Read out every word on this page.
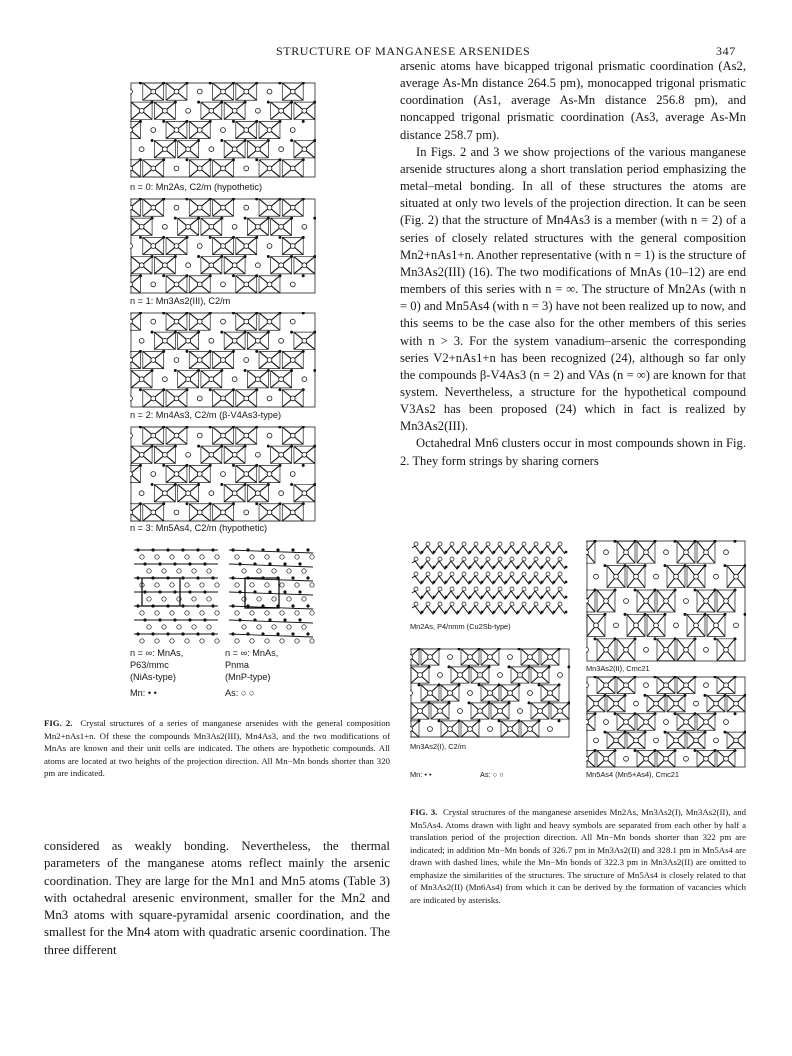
STRUCTURE OF MANGANESE ARSENIDES	347
n = 0: Mn2As, C2/m (hypothetic)
n = 1: Mn3As2(III), C2/m
n = 2: Mn4As3, C2/m (β-V4As3-type)
n = 3: Mn5As4, C2/m (hypothetic)
n = ∞: MnAs,
P63/mmc
(NiAs-type)
n = ∞: MnAs,
Pnma
(MnP-type)
Mn: • •	As: ○ ○
FIG. 2. Crystal structures of a series of manganese arsenides with the general composition Mn2+nAs1+n. Of these the compounds Mn3As2(III), Mn4As3, and the two modifications of MnAs are known and their unit cells are indicated. The others are hypothetic compounds. All atoms are located at two heights of the projection direction. All Mn−Mn bonds shorter than 320 pm are indicated.

arsenic atoms have bicapped trigonal prismatic coordination (As2, average As-Mn distance 264.5 pm), monocapped trigonal prismatic coordination (As1, average As-Mn distance 256.8 pm), and noncapped trigonal prismatic coordination (As3, average As-Mn distance 258.7 pm).

In Figs. 2 and 3 we show projections of the various manganese arsenide structures along a short translation period emphasizing the metal–metal bonding. In all of these structures the atoms are situated at only two levels of the projection direction. It can be seen (Fig. 2) that the structure of Mn4As3 is a member (with n = 2) of a series of closely related structures with the general composition Mn2+nAs1+n. Another representative (with n = 1) is the structure of Mn3As2(III) (16). The two modifications of MnAs (10–12) are end members of this series with n = ∞. The structure of Mn2As (with n = 0) and Mn5As4 (with n = 3) have not been realized up to now, and this seems to be the case also for the other members of this series with n > 3. For the system vanadium–arsenic the corresponding series V2+nAs1+n has been recognized (24), although so far only the compounds β-V4As3 (n = 2) and VAs (n = ∞) are known for that system. Nevertheless, a structure for the hypothetical compound V3As2 has been proposed (24) which in fact is realized by Mn3As2(III).

Octahedral Mn6 clusters occur in most compounds shown in Fig. 2. They form strings by sharing corners

Mn2As, P4/nmm (Cu2Sb-type)
Mn3As2(I), C2/m
Mn3As2(II), Cmc21
Mn5As4 (Mn5+As4), Cmc21
Mn: • •	As: ○ ○
FIG. 3. Crystal structures of the manganese arsenides Mn2As, Mn3As2(I), Mn3As2(II), and Mn5As4. Atoms drawn with light and heavy symbols are separated from each other by half a translation period of the projection direction. All Mn−Mn bonds shorter than 322 pm are indicated; in addition Mn−Mn bonds of 326.7 pm in Mn3As2(II) and 328.1 pm in Mn5As4 are drawn with dashed lines, while the Mn−Mn bonds of 322.3 pm in Mn3As2(II) are omitted to emphasize the similarities of the structures. The structure of Mn5As4 is closely related to that of Mn3As2(II) (Mn6As4) from which it can be derived by the formation of vacancies which are indicated by asterisks.

considered as weakly bonding. Nevertheless, the thermal parameters of the manganese atoms reflect mainly the arsenic coordination. They are large for the Mn1 and Mn5 atoms (Table 3) with octahedral aresenic environment, smaller for the Mn2 and Mn3 atoms with square-pyramidal arsenic coordination, and the smallest for the Mn4 atom with quadratic arsenic coordination. The three different
